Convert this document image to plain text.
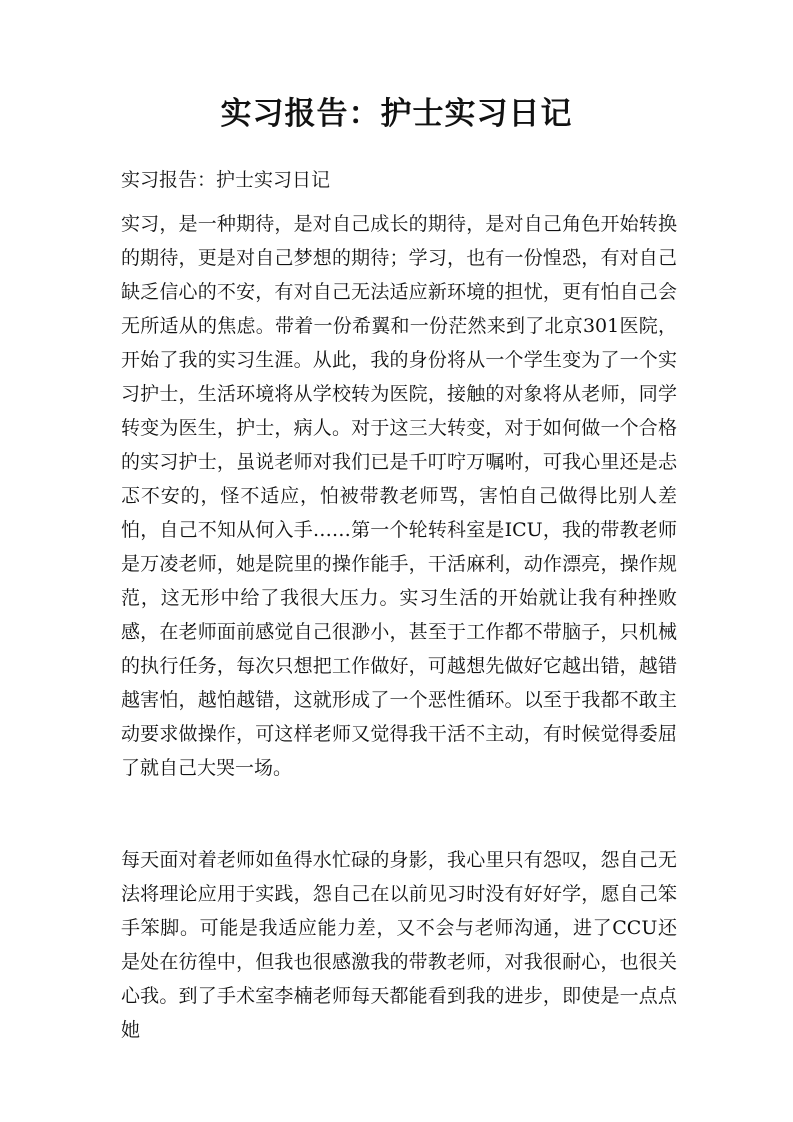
实习报告：护士实习日记

实习报告：护士实习日记

实习，是一种期待，是对自己成长的期待，是对自己角色开始转换的期待，更是对自己梦想的期待；学习，也有一份惶恐，有对自己缺乏信心的不安，有对自己无法适应新环境的担忧，更有怕自己会无所适从的焦虑。带着一份希翼和一份茫然来到了北京301医院，开始了我的实习生涯。从此，我的身份将从一个学生变为了一个实习护士，生活环境将从学校转为医院，接触的对象将从老师，同学转变为医生，护士，病人。对于这三大转变，对于如何做一个合格的实习护士，虽说老师对我们已是千叮咛万嘱咐，可我心里还是忐忑不安的，怪不适应，怕被带教老师骂，害怕自己做得比别人差怕，自己不知从何入手……第一个轮转科室是ICU，我的带教老师是万凌老师，她是院里的操作能手，干活麻利，动作漂亮，操作规范，这无形中给了我很大压力。实习生活的开始就让我有种挫败感，在老师面前感觉自己很渺小，甚至于工作都不带脑子，只机械的执行任务，每次只想把工作做好，可越想先做好它越出错，越错越害怕，越怕越错，这就形成了一个恶性循环。以至于我都不敢主动要求做操作，可这样老师又觉得我干活不主动，有时候觉得委屈了就自己大哭一场。

每天面对着老师如鱼得水忙碌的身影，我心里只有怨叹，怨自己无法将理论应用于实践，怨自己在以前见习时没有好好学，愿自己笨手笨脚。可能是我适应能力差，又不会与老师沟通，进了CCU还是处在彷徨中，但我也很感激我的带教老师，对我很耐心，也很关心我。到了手术室李楠老师每天都能看到我的进步，即使是一点点她
